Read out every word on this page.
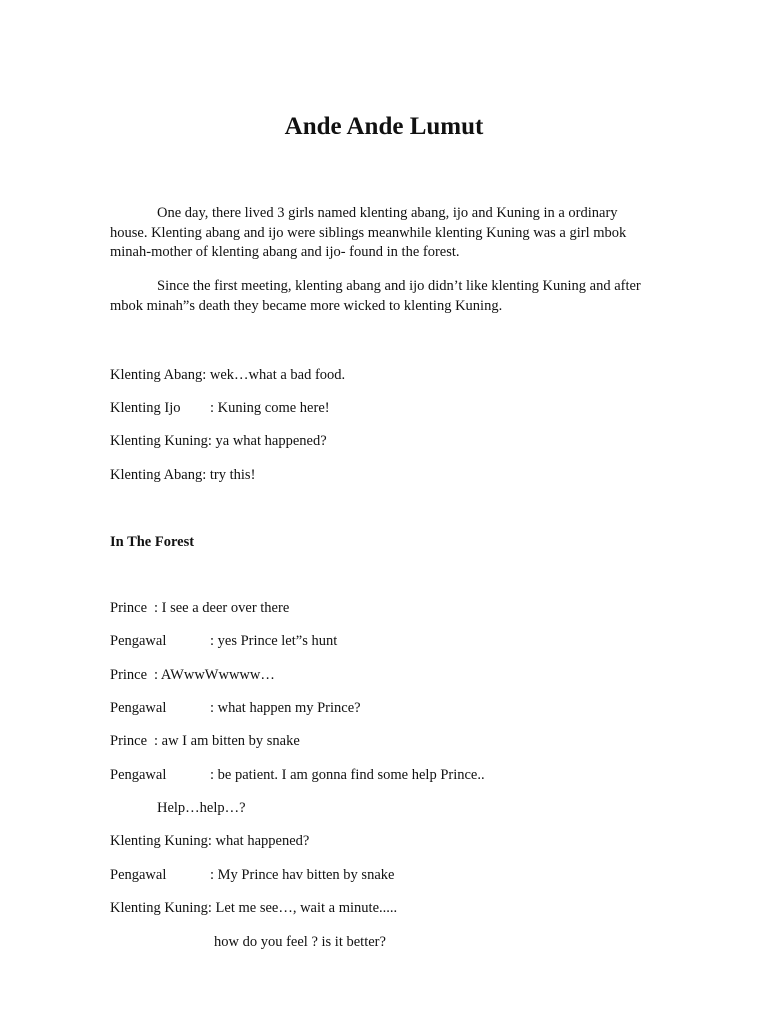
Ande Ande Lumut

One day, there lived 3 girls named klenting abang, ijo and Kuning in a ordinary house. Klenting abang and ijo were siblings meanwhile klenting Kuning was a girl mbok minah-mother of klenting abang and ijo- found in the forest.

Since the first meeting, klenting abang and ijo didn’t like klenting Kuning and after mbok minah”s death they became more wicked to klenting Kuning.

Klenting Abang: wek…what a bad food.
Klenting Ijo : Kuning come here!
Klenting Kuning: ya what happened?
Klenting Abang: try this!
In The Forest
Prince : I see a deer over there
Pengawal	: yes Prince let”s hunt
Prince : AWwwWwwww…
Pengawal	: what happen my Prince?
Prince : aw I am bitten by snake
Pengawal	: be patient. I am gonna find some help Prince..
Help…help…?
Klenting Kuning: what happened?
Pengawal	: My Prince hav bitten by snake
Klenting Kuning: Let me see…, wait a minute.....
how do you feel ? is it better?
